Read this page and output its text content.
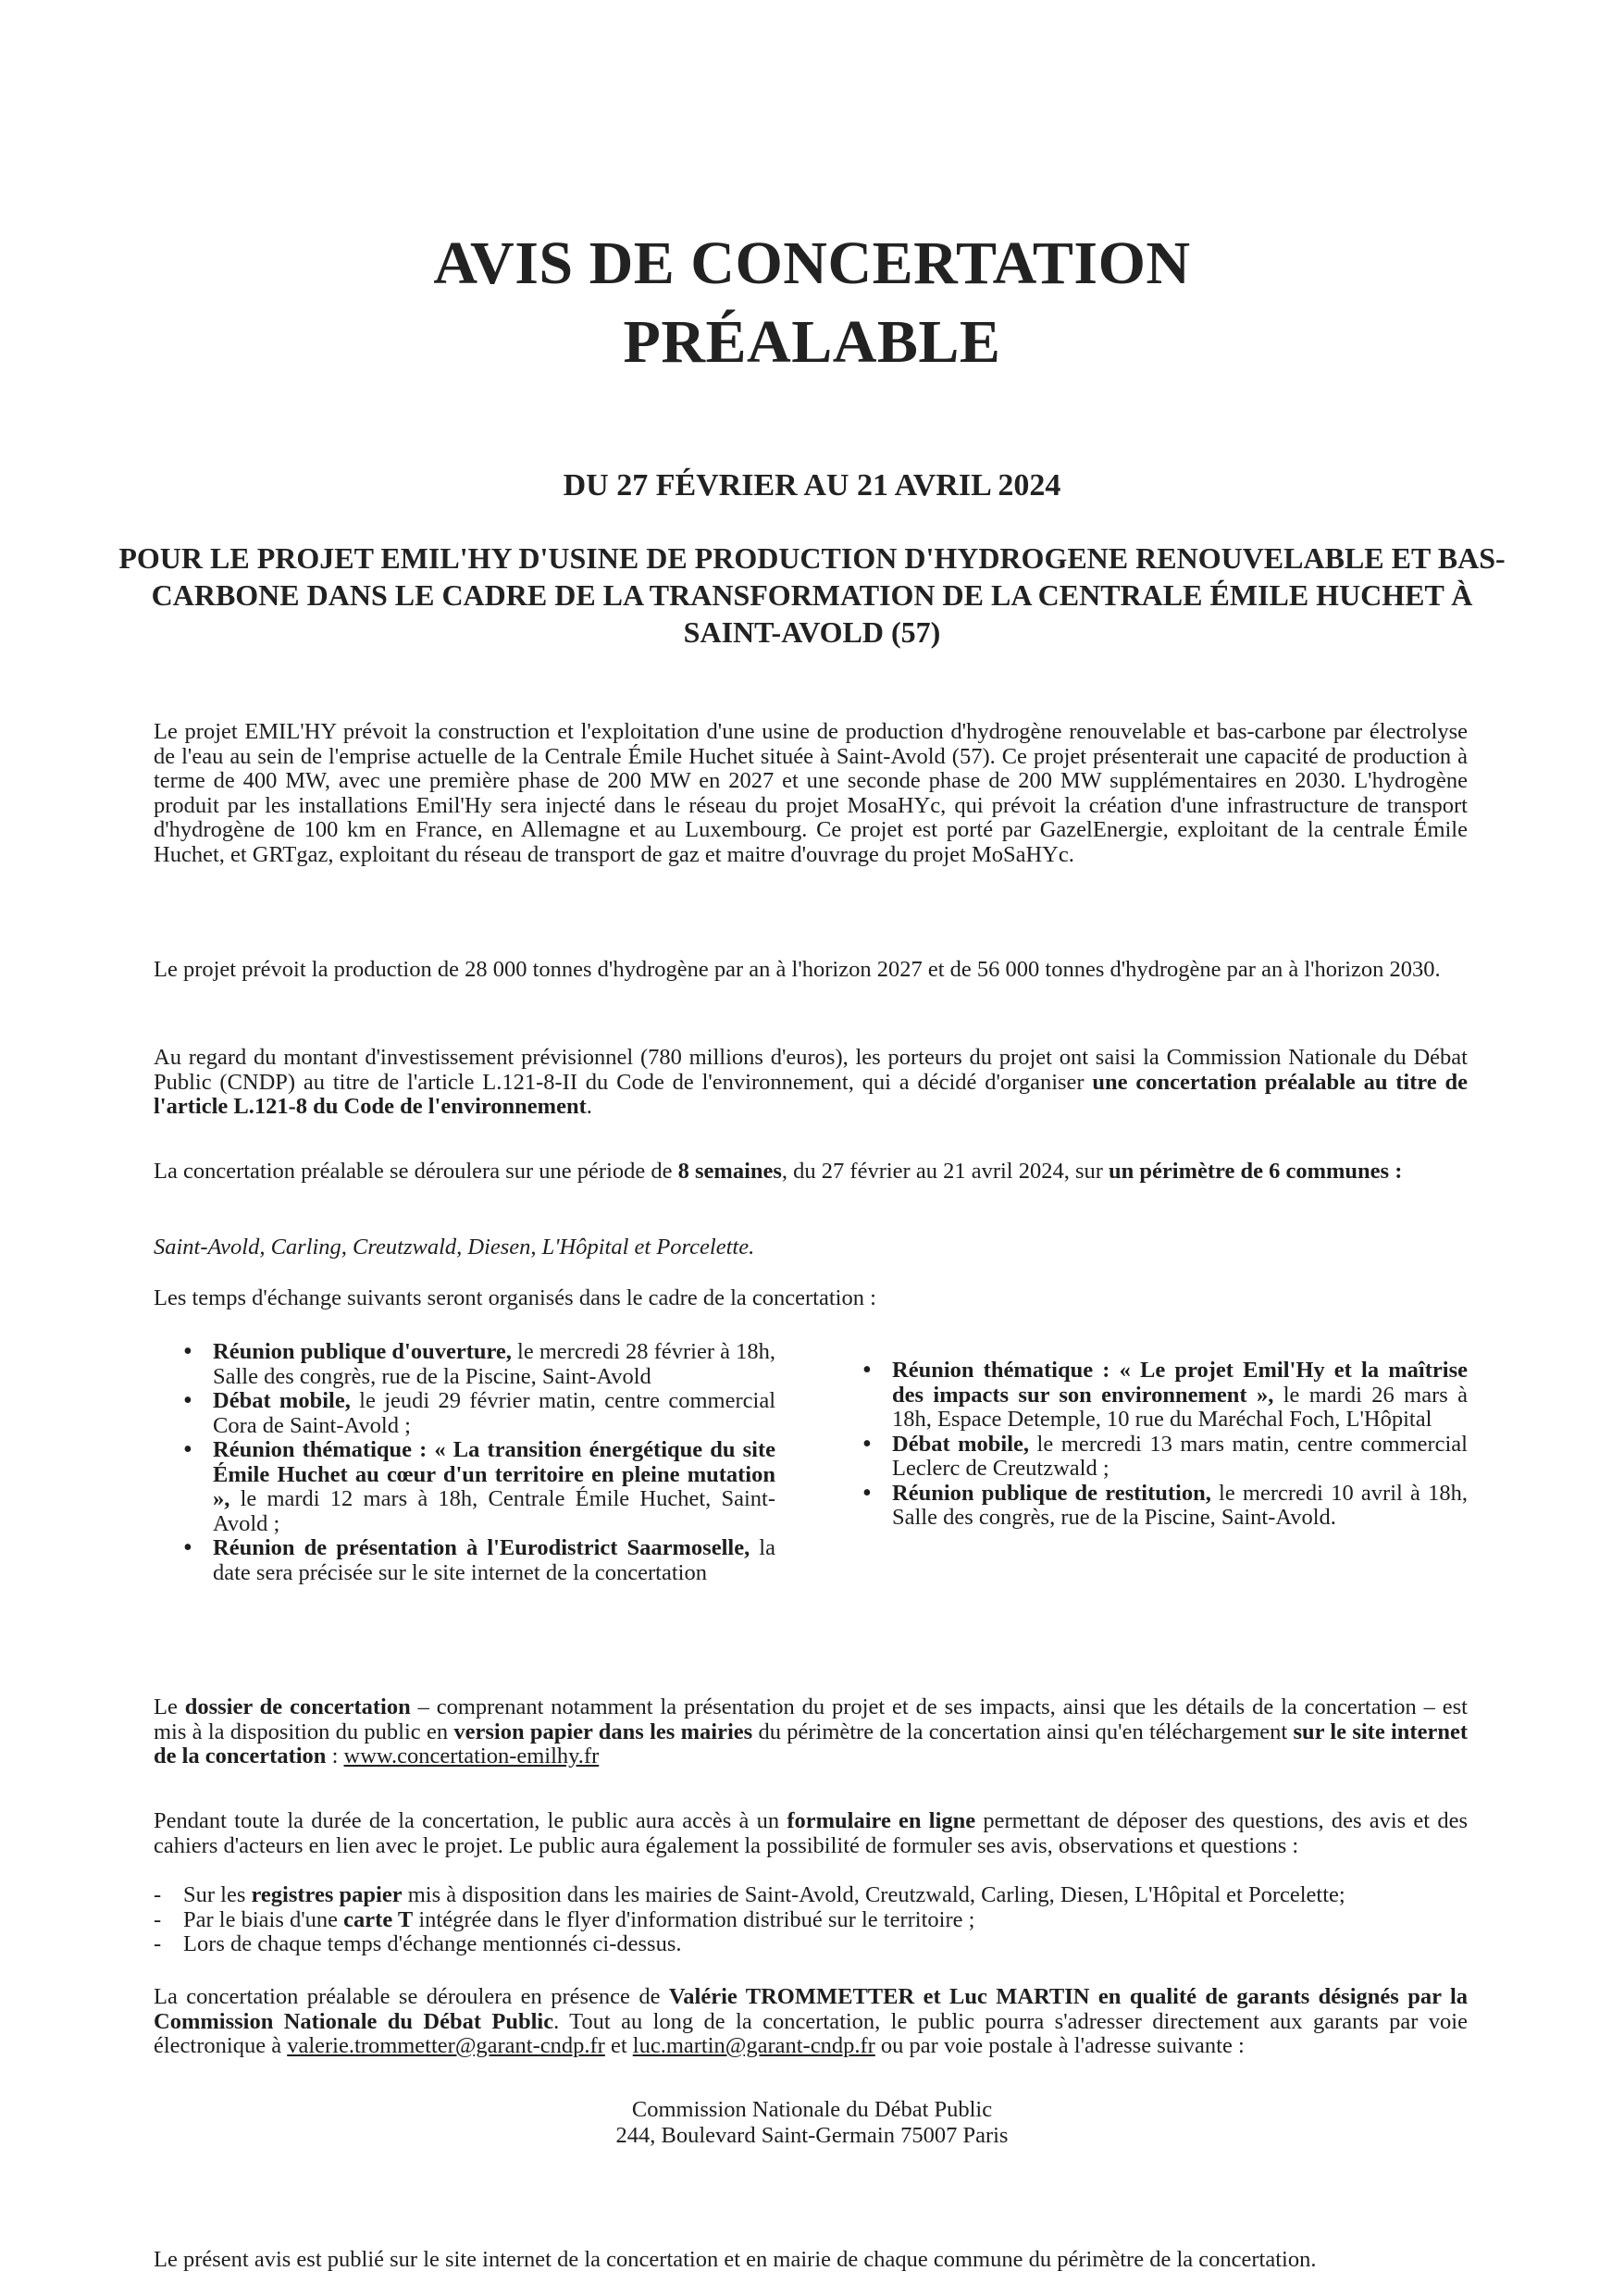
AVIS DE CONCERTATION
PRÉALABLE
DU 27 FÉVRIER AU 21 AVRIL 2024
POUR LE PROJET EMIL'HY D'USINE DE PRODUCTION D'HYDROGENE RENOUVELABLE ET BAS- CARBONE DANS LE CADRE DE LA TRANSFORMATION DE LA CENTRALE ÉMILE HUCHET À SAINT-AVOLD (57)
Le projet EMIL'HY prévoit la construction et l'exploitation d'une usine de production d'hydrogène renouvelable et bas-carbone par électrolyse de l'eau au sein de l'emprise actuelle de la Centrale Émile Huchet située à Saint-Avold (57). Ce projet présenterait une capacité de production à terme de 400 MW, avec une première phase de 200 MW en 2027 et une seconde phase de 200 MW supplémentaires en 2030. L'hydrogène produit par les installations Emil'Hy sera injecté dans le réseau du projet MosaHYc, qui prévoit la création d'une infrastructure de transport d'hydrogène de 100 km en France, en Allemagne et au Luxembourg. Ce projet est porté par GazelEnergie, exploitant de la centrale Émile Huchet, et GRTgaz, exploitant du réseau de transport de gaz et maitre d'ouvrage du projet MoSaHYc.
Le projet prévoit la production de 28 000 tonnes d'hydrogène par an à l'horizon 2027 et de 56 000 tonnes d'hydrogène par an à l'horizon 2030.
Au regard du montant d'investissement prévisionnel (780 millions d'euros), les porteurs du projet ont saisi la Commission Nationale du Débat Public (CNDP) au titre de l'article L.121-8-II du Code de l'environnement, qui a décidé d'organiser une concertation préalable au titre de l'article L.121-8 du Code de l'environnement.
La concertation préalable se déroulera sur une période de 8 semaines, du 27 février au 21 avril 2024, sur un périmètre de 6 communes :
Saint-Avold, Carling, Creutzwald, Diesen, L'Hôpital et Porcelette.
Les temps d'échange suivants seront organisés dans le cadre de la concertation :
• Réunion publique d'ouverture, le mercredi 28 février à 18h, Salle des congrès, rue de la Piscine, Saint-Avold
• Débat mobile, le jeudi 29 février matin, centre commercial Cora de Saint-Avold ;
• Réunion thématique : « La transition énergétique du site Émile Huchet au cœur d'un territoire en pleine mutation », le mardi 12 mars à 18h, Centrale Émile Huchet, Saint-Avold ;
• Réunion de présentation à l'Eurodistrict Saarmoselle, la date sera précisée sur le site internet de la concertation
• Réunion thématique : « Le projet Emil'Hy et la maîtrise des impacts sur son environnement », le mardi 26 mars à 18h, Espace Detemple, 10 rue du Maréchal Foch, L'Hôpital
• Débat mobile, le mercredi 13 mars matin, centre commercial Leclerc de Creutzwald ;
• Réunion publique de restitution, le mercredi 10 avril à 18h, Salle des congrès, rue de la Piscine, Saint-Avold.
Le dossier de concertation – comprenant notamment la présentation du projet et de ses impacts, ainsi que les détails de la concertation – est mis à la disposition du public en version papier dans les mairies du périmètre de la concertation ainsi qu'en téléchargement sur le site internet de la concertation : www.concertation-emilhy.fr
Pendant toute la durée de la concertation, le public aura accès à un formulaire en ligne permettant de déposer des questions, des avis et des cahiers d'acteurs en lien avec le projet. Le public aura également la possibilité de formuler ses avis, observations et questions :
- Sur les registres papier mis à disposition dans les mairies de Saint-Avold, Creutzwald, Carling, Diesen, L'Hôpital et Porcelette;
- Par le biais d'une carte T intégrée dans le flyer d'information distribué sur le territoire ;
- Lors de chaque temps d'échange mentionnés ci-dessus.
La concertation préalable se déroulera en présence de Valérie TROMMETTER et Luc MARTIN en qualité de garants désignés par la Commission Nationale du Débat Public. Tout au long de la concertation, le public pourra s'adresser directement aux garants par voie électronique à valerie.trommetter@garant-cndp.fr et luc.martin@garant-cndp.fr ou par voie postale à l'adresse suivante :
Commission Nationale du Débat Public
244, Boulevard Saint-Germain 75007 Paris
Le présent avis est publié sur le site internet de la concertation et en mairie de chaque commune du périmètre de la concertation.
